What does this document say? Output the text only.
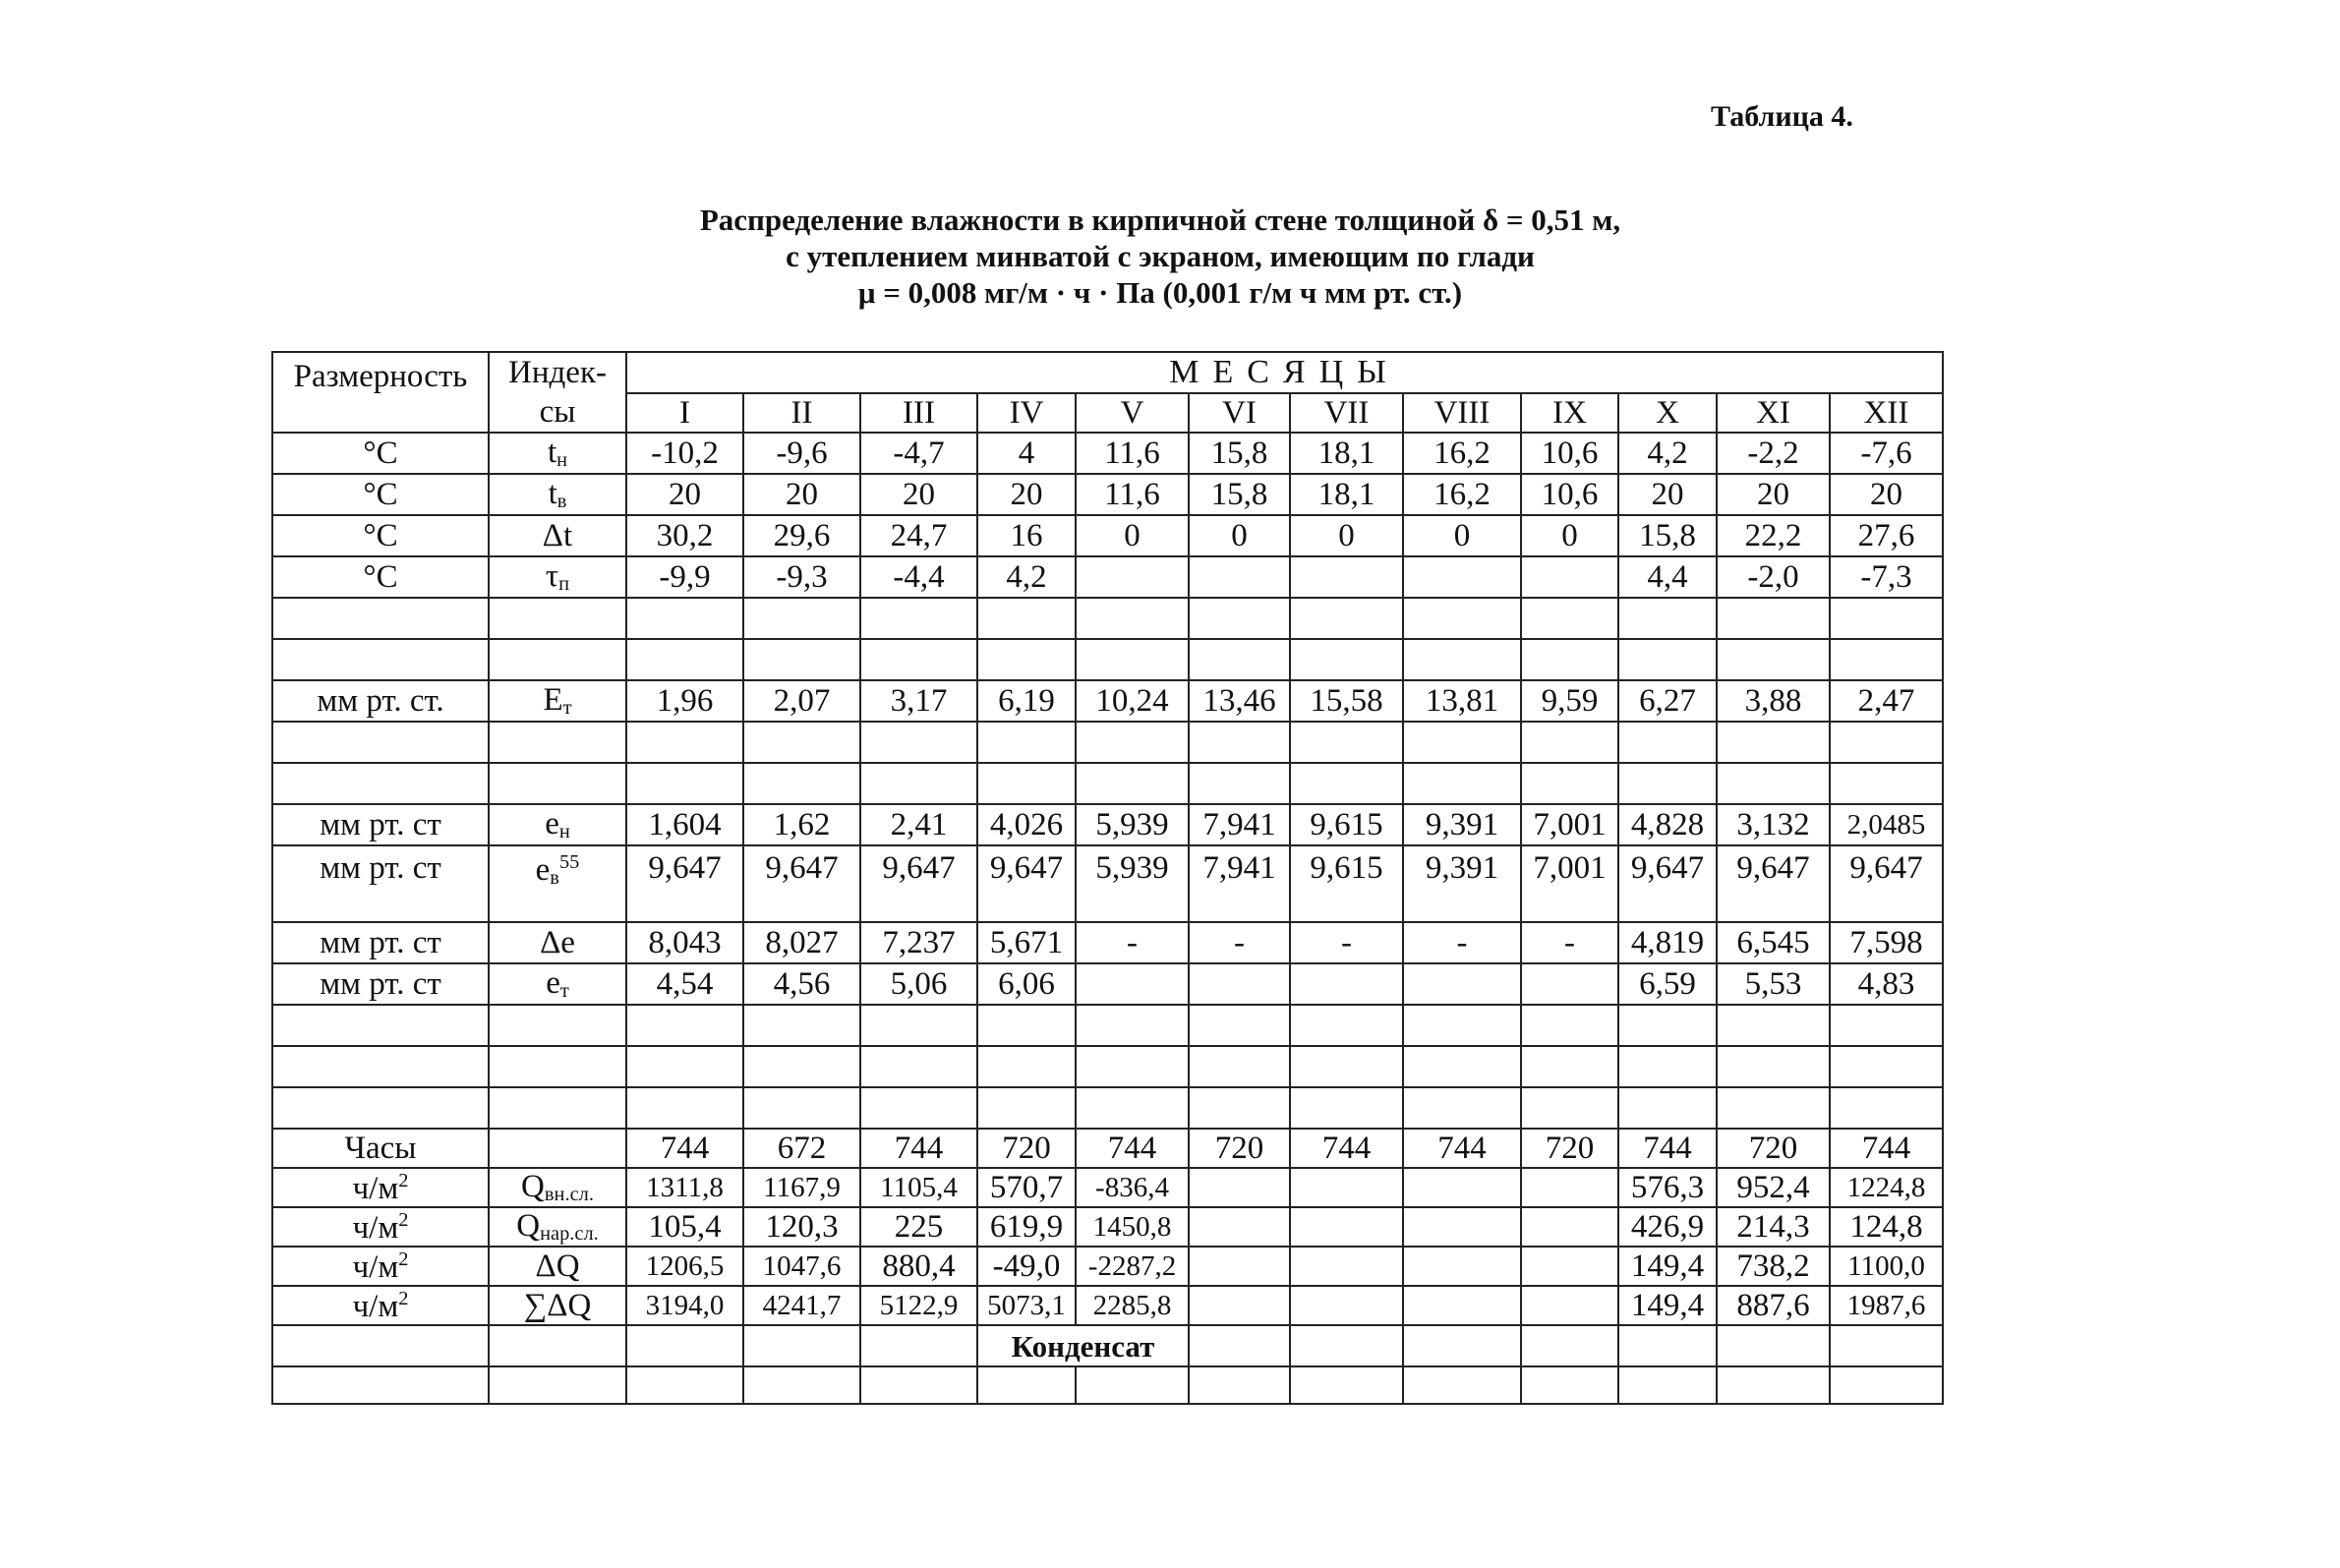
Таблица 4.
Распределение влажности в кирпичной стене толщиной δ = 0,51 м,
с утеплением минватой с экраном, имеющим по глади
μ = 0,008 мг/м · ч · Па (0,001 г/м ч мм рт. ст.)
Размерность	Индек-	МЕСЯЦЫ											
	сы	I	II	III	IV	V	VI	VII	VIII	IX	X	XI	XII
°C	$t_н$	-10,2	-9,6	-4,7	4	11,6	15,8	18,1	16,2	10,6	4,2	-2,2	-7,6
°C	$t_в$	20	20	20	20	11,6	15,8	18,1	16,2	10,6	20	20	20
°C	Δt	30,2	29,6	24,7	16	0	0	0	0	0	15,8	22,2	27,6
°C	$\tau_п$	-9,9	-9,3	-4,4	4,2						4,4	-2,0	-7,3

мм рт. ст.	$E_т$	1,96	2,07	3,17	6,19	10,24	13,46	15,58	13,81	9,59	6,27	3,88	2,47

мм рт. ст	$e_н$	1,604	1,62	2,41	4,026	5,939	7,941	9,615	9,391	7,001	4,828	3,132	2,0485
мм рт. ст	$e_в^{55}$	9,647	9,647	9,647	9,647	5,939	7,941	9,615	9,391	7,001	9,647	9,647	9,647
мм рт. ст	Δe	8,043	8,027	7,237	5,671	-	-	-	-	-	4,819	6,545	7,598
мм рт. ст	$e_т$	4,54	4,56	5,06	6,06						6,59	5,53	4,83

Часы		744	672	744	720	744	720	744	744	720	744	720	744
$ч/м^2$	$Q_{вн.сл.}$	1311,8	1167,9	1105,4	570,7	-836,4					576,3	952,4	1224,8
$ч/м^2$	$Q_{нар.сл.}$	105,4	120,3	225	619,9	1450,8					426,9	214,3	124,8
$ч/м^2$	ΔQ	1206,5	1047,6	880,4	-49,0	-2287,2					149,4	738,2	1100,0
$ч/м^2$	∑ΔQ	3194,0	4241,7	5122,9	5073,1	2285,8					149,4	887,6	1987,6
					Конденсат								
